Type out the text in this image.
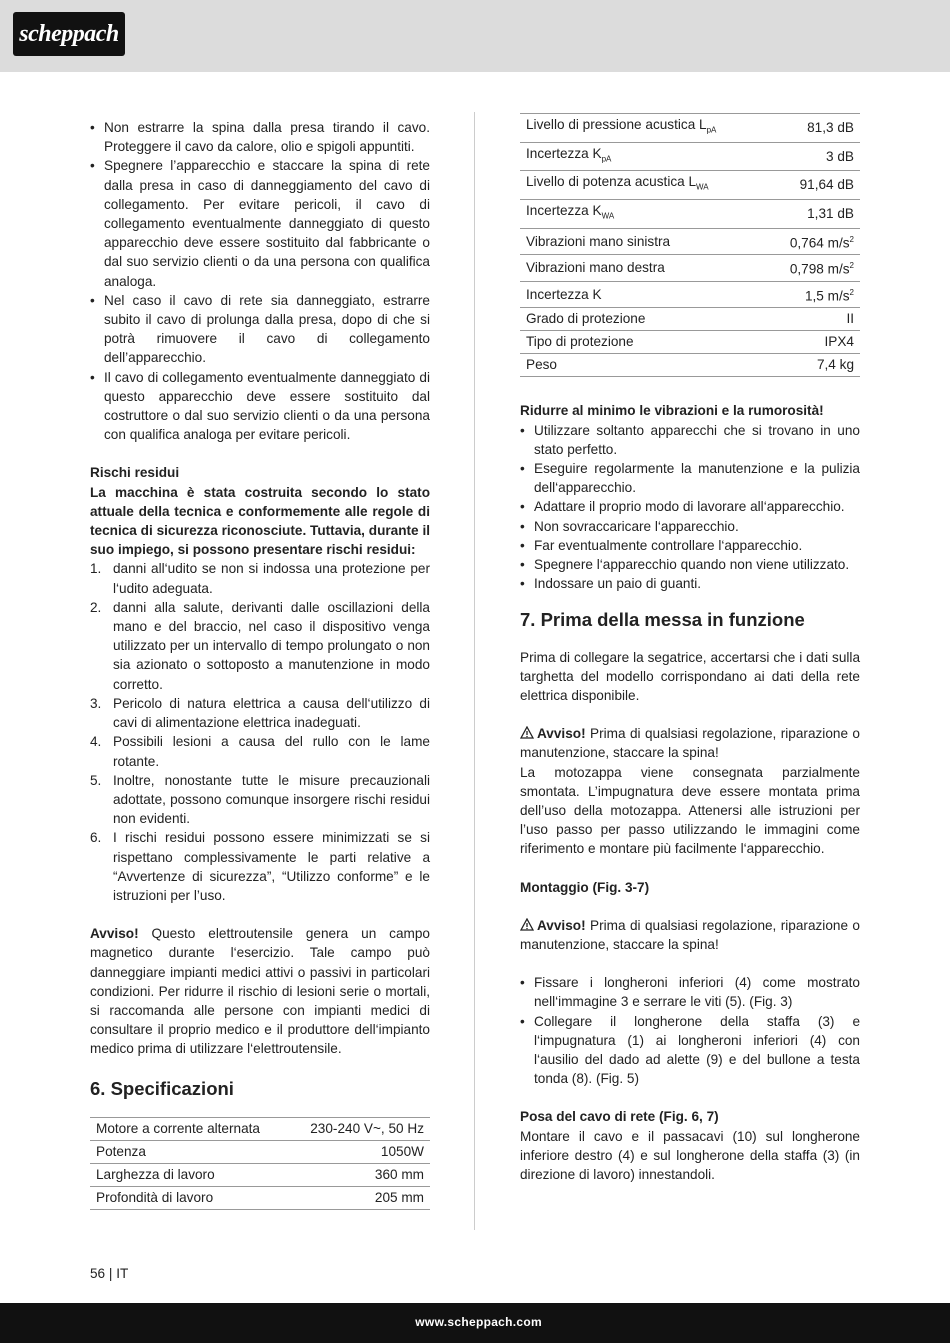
scheppach
• Non estrarre la spina dalla presa tirando il cavo. Proteggere il cavo da calore, olio e spigoli appuntiti.
• Spegnere l’apparecchio e staccare la spina di rete dalla presa in caso di danneggiamento del cavo di collegamento. Per evitare pericoli, il cavo di collegamento eventualmente danneggiato di questo apparecchio deve essere sostituito dal fabbricante o dal suo servizio clienti o da una persona con qualifica analoga.
• Nel caso il cavo di rete sia danneggiato, estrarre subito il cavo di prolunga dalla presa, dopo di che si potrà rimuovere il cavo di collegamento dell’apparecchio.
• Il cavo di collegamento eventualmente danneggiato di questo apparecchio deve essere sostituito dal costruttore o dal suo servizio clienti o da una persona con qualifica analoga per evitare pericoli.

Rischi residui

La macchina è stata costruita secondo lo stato attuale della tecnica e conformemente alle regole di tecnica di sicurezza riconosciute. Tuttavia, durante il suo impiego, si possono presentare rischi residui:

1. danni all‘udito se non si indossa una protezione per l‘udito adeguata.
2. danni alla salute, derivanti dalle oscillazioni della mano e del braccio, nel caso il dispositivo venga utilizzato per un intervallo di tempo prolungato o non sia azionato o sottoposto a manutenzione in modo corretto.
3. Pericolo di natura elettrica a causa dell‘utilizzo di cavi di alimentazione elettrica inadeguati.
4. Possibili lesioni a causa del rullo con le lame rotante.
5. Inoltre, nonostante tutte le misure precauzionali adottate, possono comunque insorgere rischi residui non evidenti.
6. I rischi residui possono essere minimizzati se si rispettano complessivamente le parti relative a “Avvertenze di sicurezza”, “Utilizzo conforme” e le istruzioni per l’uso.

Avviso! Questo elettroutensile genera un campo magnetico durante l‘esercizio. Tale campo può danneggiare impianti medici attivi o passivi in particolari condizioni. Per ridurre il rischio di lesioni serie o mortali, si raccomanda alle persone con impianti medici di consultare il proprio medico e il produttore dell‘impianto medico prima di utilizzare l‘elettroutensile.

6. Specificazioni
Motore a corrente alternata	230-240 V~, 50 Hz
Potenza	1050W
Larghezza di lavoro	360 mm
Profondità di lavoro	205 mm
Livello di pressione acustica $L_{pA}$	81,3 dB
Incertezza $K_{pA}$	3 dB
Livello di potenza acustica $L_{WA}$	91,64 dB
Incertezza $K_{WA}$	1,31 dB
Vibrazioni mano sinistra	0,764 $m/s^2$
Vibrazioni mano destra	0,798 $m/s^2$
Incertezza K	1,5 $m/s^2$
Grado di protezione	II
Tipo di protezione	IPX4
Peso	7,4 kg

Ridurre al minimo le vibrazioni e la rumorosità!

• Utilizzare soltanto apparecchi che si trovano in uno stato perfetto.
• Eseguire regolarmente la manutenzione e la pulizia dell‘apparecchio.
• Adattare il proprio modo di lavorare all‘apparecchio.
• Non sovraccaricare l‘apparecchio.
• Far eventualmente controllare l‘apparecchio.
• Spegnere l‘apparecchio quando non viene utilizzato.
• Indossare un paio di guanti.
7. Prima della messa in funzione

Prima di collegare la segatrice, accertarsi che i dati sulla targhetta del modello corrispondano ai dati della rete elettrica disponibile.

Avviso! Prima di qualsiasi regolazione, riparazione o manutenzione, staccare la spina!

La motozappa viene consegnata parzialmente smontata. L’impugnatura deve essere montata prima dell’uso della motozappa. Attenersi alle istruzioni per l’uso passo per passo utilizzando le immagini come riferimento e montare più facilmente l‘apparecchio.

Montaggio (Fig. 3-7)

Avviso! Prima di qualsiasi regolazione, riparazione o manutenzione, staccare la spina!

• Fissare i longheroni inferiori (4) come mostrato nell‘immagine 3 e serrare le viti (5). (Fig. 3)
• Collegare il longherone della staffa (3) e l‘impugnatura (1) ai longheroni inferiori (4) con l‘ausilio del dado ad alette (9) e del bullone a testa tonda (8). (Fig. 5)

Posa del cavo di rete (Fig. 6, 7)

Montare il cavo e il passacavi (10) sul longherone inferiore destro (4) e sul longherone della staffa (3) (in direzione di lavoro) innestandoli.

56 | IT
www.scheppach.com
